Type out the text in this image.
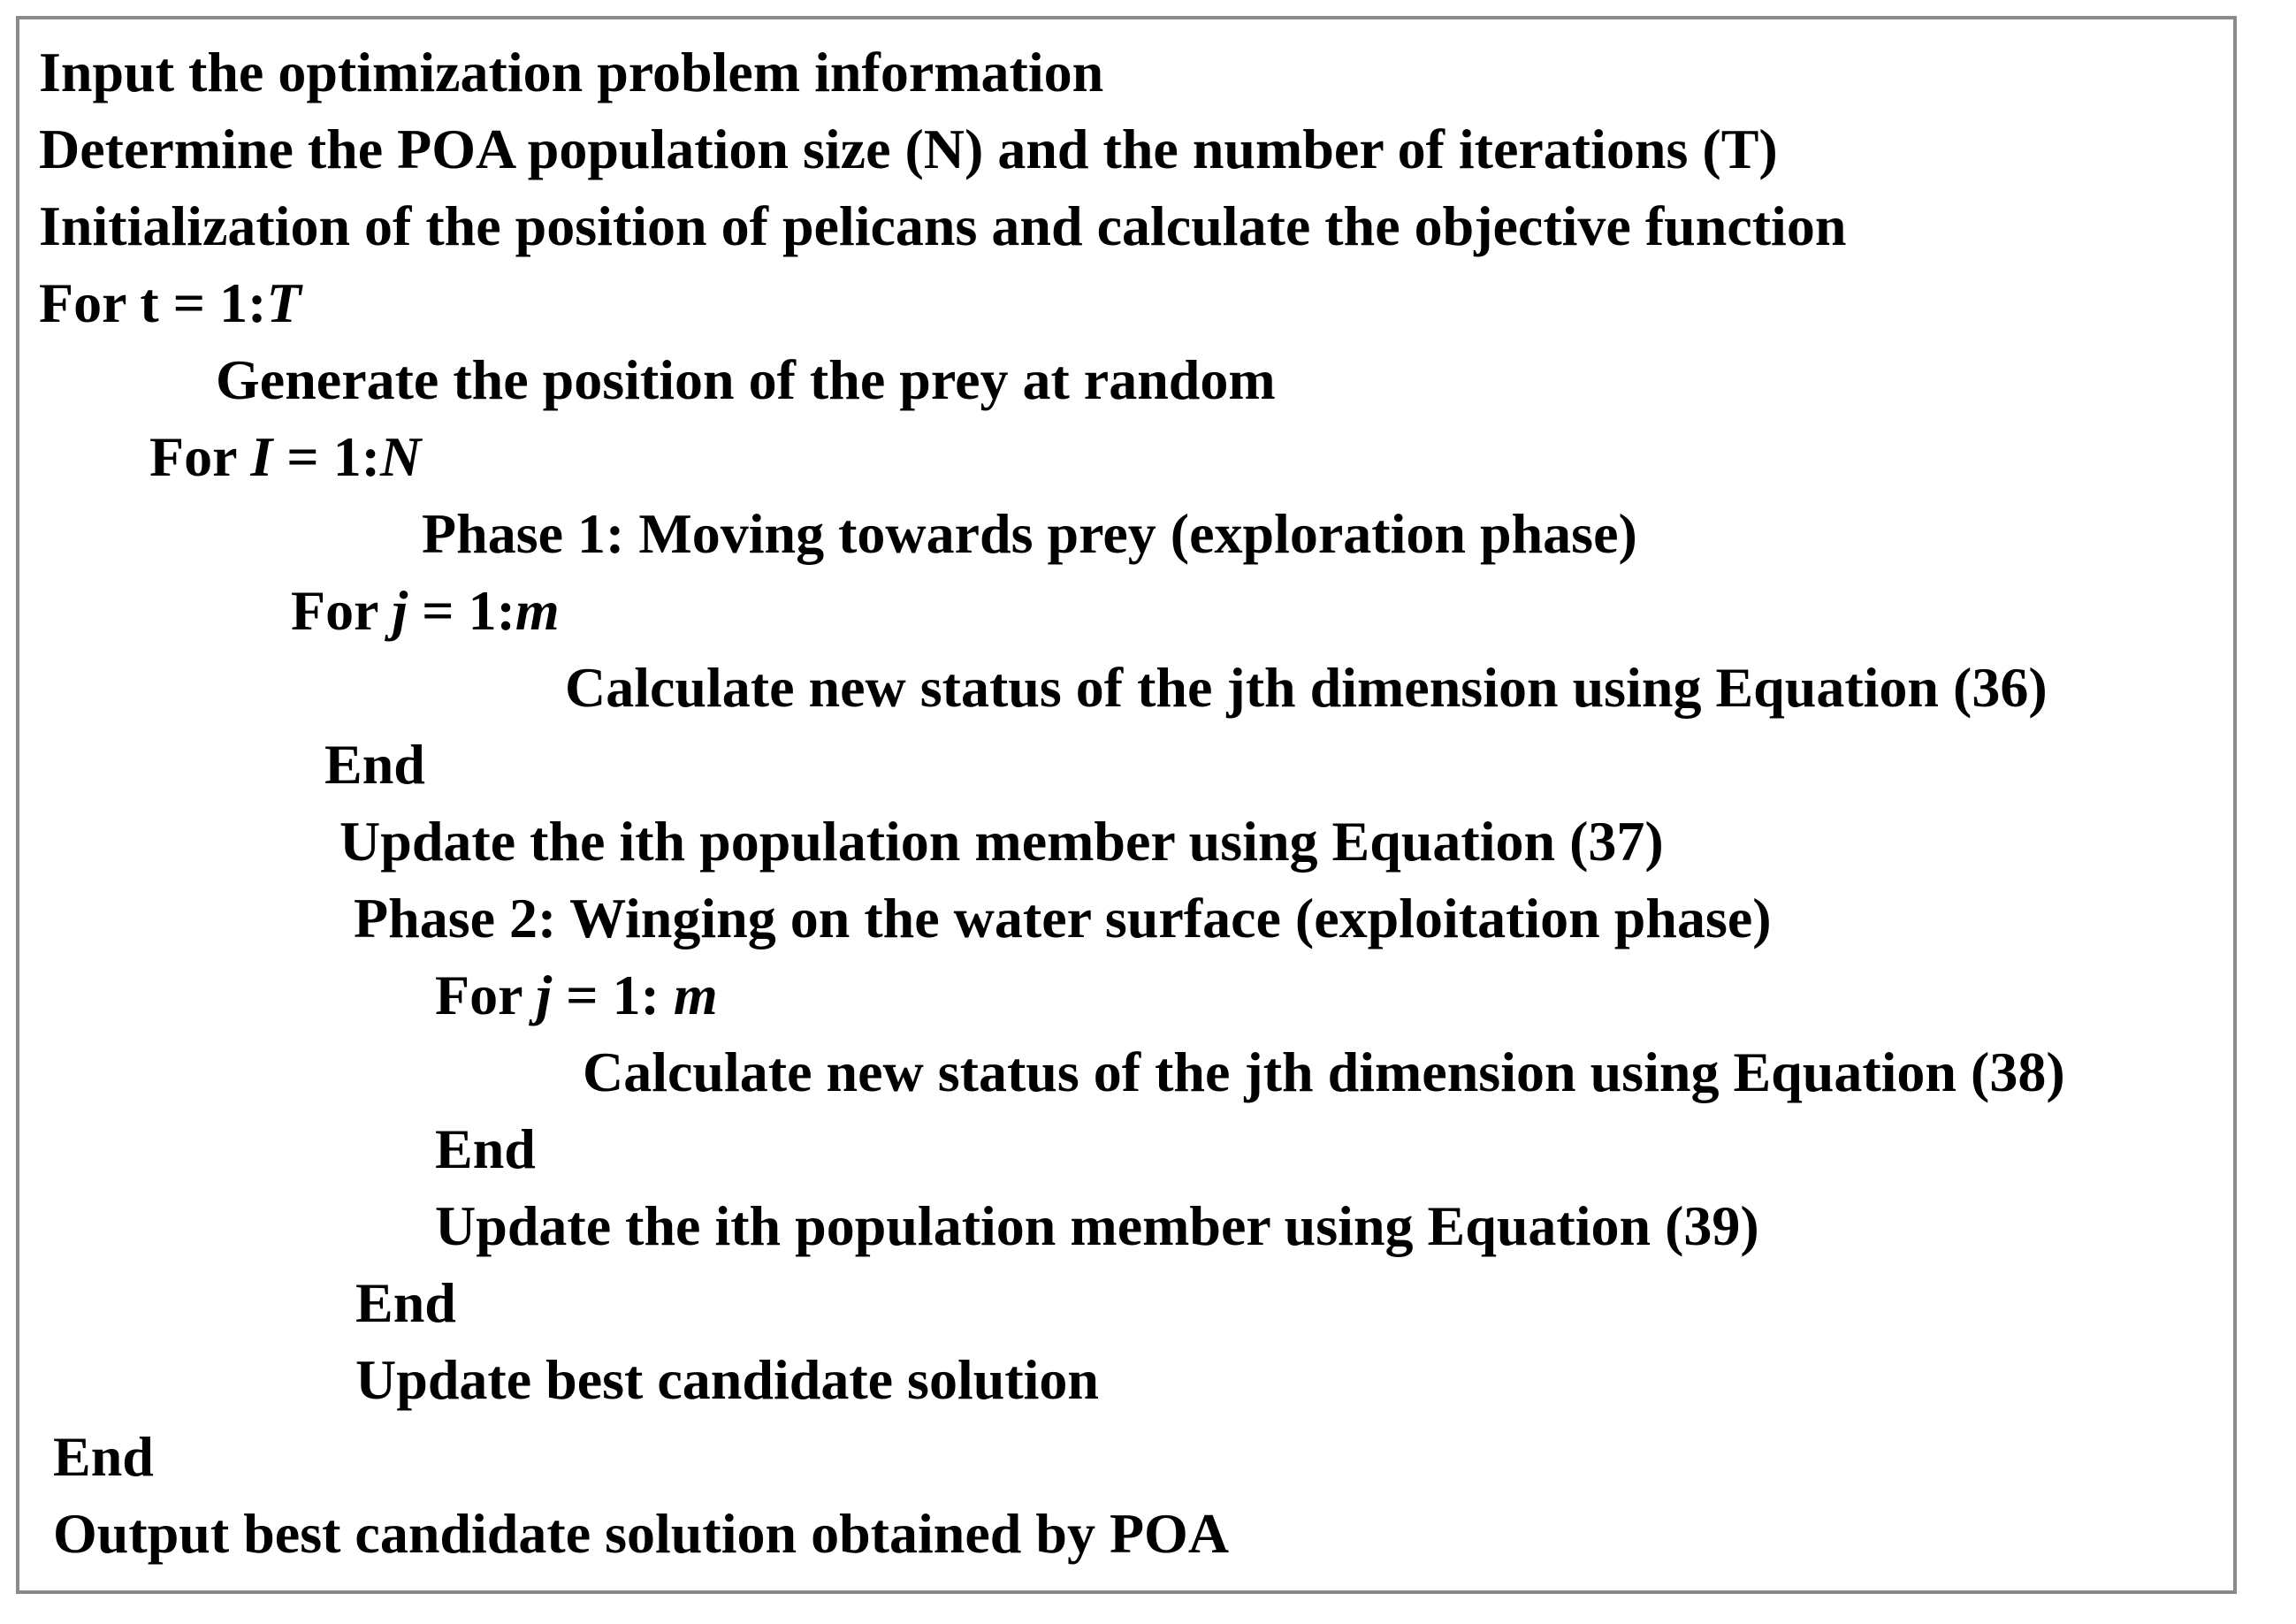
Input the optimization problem information
Determine the POA population size (N) and the number of iterations (T)
Initialization of the position of pelicans and calculate the objective function
For t = 1:T
Generate the position of the prey at random
For I = 1:N
Phase 1: Moving towards prey (exploration phase)
For j = 1:m
Calculate new status of the jth dimension using Equation (36)
End
Update the ith population member using Equation (37)
Phase 2: Winging on the water surface (exploitation phase)
For j = 1: m
Calculate new status of the jth dimension using Equation (38)
End
Update the ith population member using Equation (39)
End
Update best candidate solution
End
Output best candidate solution obtained by POA
